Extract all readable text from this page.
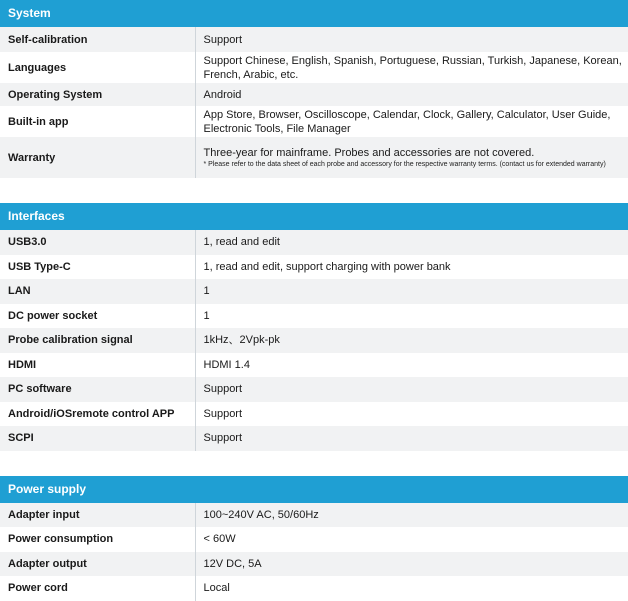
System
Self-calibration	Support
Languages	Support Chinese, English, Spanish, Portuguese, Russian, Turkish, Japanese, Korean, French, Arabic, etc.
Operating System	Android
Built-in app	App Store, Browser, Oscilloscope, Calendar, Clock, Gallery, Calculator, User Guide, Electronic Tools, File Manager
Warranty	Three-year for mainframe. Probes and accessories are not covered.
* Please refer to the data sheet of each probe and accessory for the respective warranty terms. (contact us for extended warranty)
Interfaces
USB3.0	1, read and edit
USB Type-C	1, read and edit, support charging with power bank
LAN	1
DC power socket	1
Probe calibration signal	1kHz、2Vpk-pk
HDMI	HDMI 1.4
PC software	Support
Android/iOSremote control APP	Support
SCPI	Support
Power supply
Adapter input	100~240V AC, 50/60Hz
Power consumption	< 60W
Adapter output	12V DC, 5A
Power cord	Local
